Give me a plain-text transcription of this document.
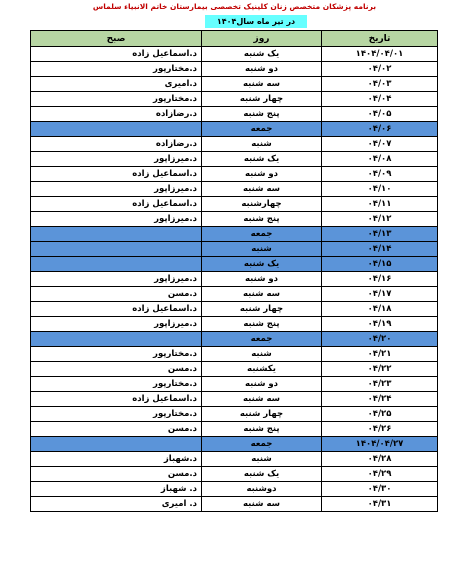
برنامه پزشکان متخصص زنان کلینیک تخصصی بیمارستان خاتم الانبیاء سلماس
در تیر ماه سال۱۴۰۴
صبح	روز	تاریخ
د.اسماعیل زاده	یک شنبه	۱۴۰۴/۰۴/۰۱
د.مختارپور	دو شنبه	۰۴/۰۲
د.امیری	سه شنبه	۰۴/۰۳
د.مختارپور	چهار شنبه	۰۴/۰۴
د.رضازاده	پنج شنبه	۰۴/۰۵
	جمعه	۰۴/۰۶
د.رضازاده	شنبه	۰۴/۰۷
د.میرزاپور	یک شنبه	۰۴/۰۸
د.اسماعیل زاده	دو شنبه	۰۴/۰۹
د.میرزاپور	سه شنبه	۰۴/۱۰
د.اسماعیل زاده	چهارشنبه	۰۴/۱۱
د.میرزاپور	پنج شنبه	۰۴/۱۲
	جمعه	۰۴/۱۳
	شنبه	۰۴/۱۴
	یک شنبه	۰۴/۱۵
د.میرزاپور	دو شنبه	۰۴/۱۶
د.مسن	سه شنبه	۰۴/۱۷
د.اسماعیل زاده	چهار شنبه	۰۴/۱۸
د.میرزاپور	پنج شنبه	۰۴/۱۹
	جمعه	۰۴/۲۰
د.مختارپور	شنبه	۰۴/۲۱
د.مسن	یکشنبه	۰۴/۲۲
د.مختارپور	دو شنبه	۰۴/۲۳
د.اسماعیل زاده	سه شنبه	۰۴/۲۴
د.مختارپور	چهار شنبه	۰۴/۲۵
د.مسن	پنج شنبه	۰۴/۲۶
	جمعه	۱۴۰۴/۰۴/۲۷
د.شهباز	شنبه	۰۴/۲۸
د.مسن	یک شنبه	۰۴/۲۹
د. شهباز	دوشنبه	۰۴/۳۰
د. امیری	سه شنبه	۰۴/۳۱
